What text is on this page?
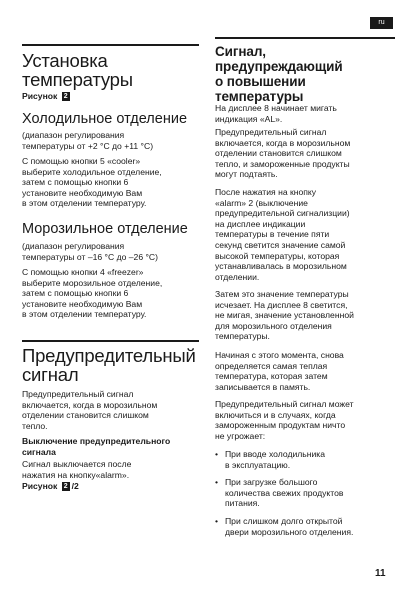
ru
Установка
температуры
Рисунок 2
Холодильное отделение

(диапазон регулирования
температуры от +2 °C до +11 °C)

С помощью кнопки 5 «cooler»
выберите холодильное отделение,
затем с помощью кнопки 6
установите необходимую Вам
в этом отделении температуру.

Морозильное отделение

(диапазон регулирования
температуры от –16 °C до –26 °C)

С помощью кнопки 4 «freezer»
выберите морозильное отделение,
затем с помощью кнопки 6
установите необходимую Вам
в этом отделении температуру.

Предупредительный
сигнал

Предупредительный сигнал
включается, когда в морозильном
отделении становится слишком
тепло.

Выключение предупредительного
сигнала

Сигнал выключается после
нажатия на кнопку«alarm».

Рисунок 2 /2
Сигнал,
предупреждающий
о повышении
температуры

На дисплее 8 начинает мигать
индикация «AL».

Предупредительный сигнал
включается, когда в морозильном
отделении становится слишком
тепло, и замороженные продукты
могут подтаять.

После нажатия на кнопку
«alarm» 2 (выключение
предупредительной сигнализции)
на дисплее индикации
температуры в течение пяти
секунд светится значение самой
высокой температуры, которая
устанавливалась в морозильном
отделении.

Затем это значение температуры
исчезает. На дисплее 8 светится,
не мигая, значение установленной
для морозильного отделения
температуры.

Начиная с этого момента, снова
определяется самая теплая
температура, которая затем
записывается в память.

Предупредительный сигнал может
включиться и в случаях, когда
замороженным продуктам ничто
не угрожает:

• При вводе холодильника
в эксплуатацию.
• При загрузке большого
количества свежих продуктов
питания.
• При слишком долго открытой
двери морозильного отделения.
11
